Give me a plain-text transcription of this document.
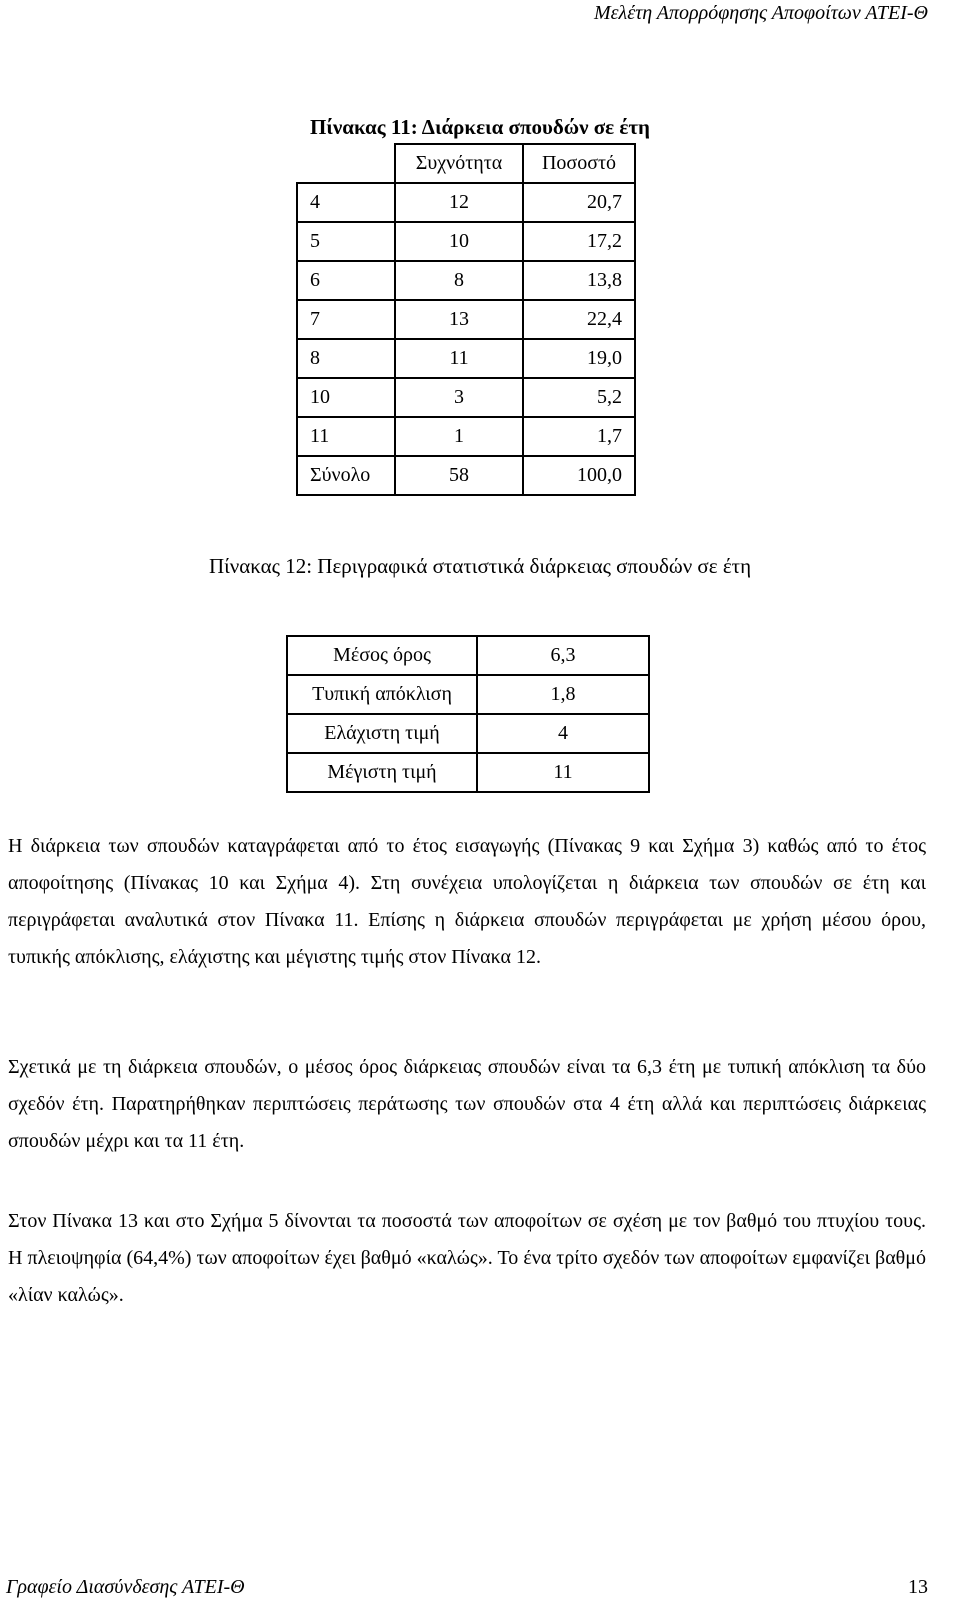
Μελέτη Απορρόφησης Αποφοίτων ΑΤΕΙ-Θ
Πίνακας 11: Διάρκεια σπουδών σε έτη
	Συχνότητα	Ποσοστό
4	12	20,7
5	10	17,2
6	8	13,8
7	13	22,4
8	11	19,0
10	3	5,2
11	1	1,7
Σύνολο	58	100,0
Πίνακας 12: Περιγραφικά στατιστικά διάρκειας σπουδών σε έτη
Μέσος όρος	6,3
Τυπική απόκλιση	1,8
Ελάχιστη τιμή	4
Μέγιστη τιμή	11

Η διάρκεια των σπουδών καταγράφεται από το έτος εισαγωγής (Πίνακας 9 και Σχήμα 3) καθώς από το έτος αποφοίτησης (Πίνακας 10 και Σχήμα 4). Στη συνέχεια υπολογίζεται η διάρκεια των σπουδών σε έτη και περιγράφεται αναλυτικά στον Πίνακα 11. Επίσης η διάρκεια σπουδών περιγράφεται με χρήση μέσου όρου, τυπικής απόκλισης, ελάχιστης και μέγιστης τιμής στον Πίνακα 12.

Σχετικά με τη διάρκεια σπουδών, ο μέσος όρος διάρκειας σπουδών είναι τα 6,3 έτη με τυπική απόκλιση τα δύο σχεδόν έτη. Παρατηρήθηκαν περιπτώσεις περάτωσης των σπουδών στα 4 έτη αλλά και περιπτώσεις διάρκειας σπουδών μέχρι και τα 11 έτη.

Στον Πίνακα 13 και στο Σχήμα 5 δίνονται τα ποσοστά των αποφοίτων σε σχέση με τον βαθμό του πτυχίου τους. Η πλειοψηφία (64,4%) των αποφοίτων έχει βαθμό «καλώς». Το ένα τρίτο σχεδόν των αποφοίτων εμφανίζει βαθμό «λίαν καλώς».

Γραφείο Διασύνδεσης ΑΤΕΙ-Θ	13
